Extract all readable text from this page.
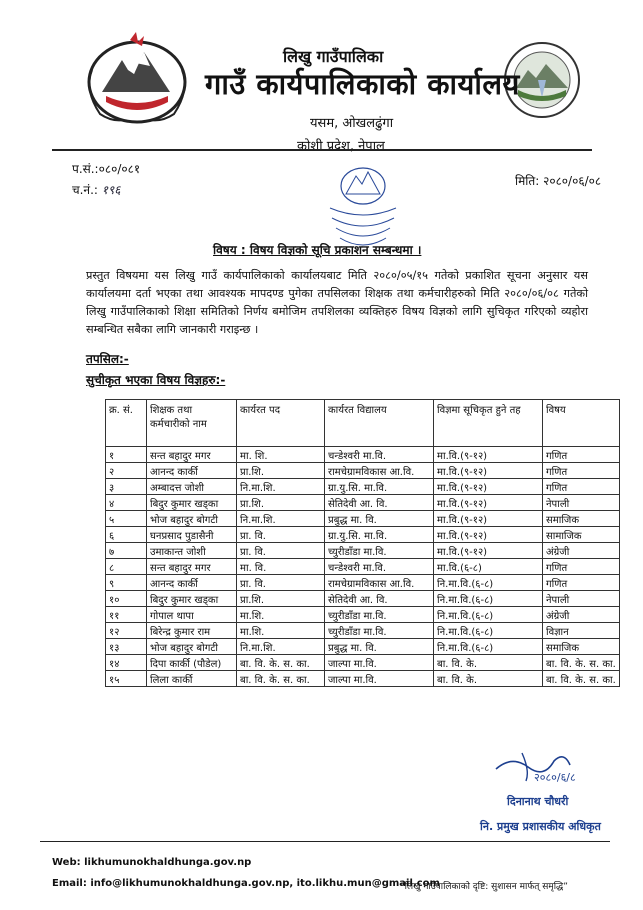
लिखु गाउँपालिका
गाउँ कार्यपालिकाको कार्यालय
यसम, ओखलढुंगा
कोशी प्रदेश, नेपाल
प.सं.:०८०/०८१
च.नं.: १९६
मिति: २०८०/०६/०८
विषय : विषय विज्ञको सूचि प्रकाशन सम्बन्धमा ।
प्रस्तुत विषयमा यस लिखु गाउँ कार्यपालिकाको कार्यालयबाट मिति २०८०/०५/१५ गतेको प्रकाशित सूचना अनुसार यस कार्यालयमा दर्ता भएका तथा आवश्यक मापदण्ड पुगेका तपसिलका शिक्षक तथा कर्मचारीहरुको मिति २०८०/०६/०८ गतेको लिखु गाउँपालिकाको शिक्षा समितिको निर्णय बमोजिम तपशिलका व्यक्तिहरु विषय विज्ञको लागि सुचिकृत गरिएको व्यहोरा सम्बन्धित सबैका लागि जानकारी गराइन्छ ।
तपसिल:-
सुचीकृत भएका विषय विज्ञहरु:-
क्र. सं.	शिक्षक तथा कर्मचारीको नाम	कार्यरत पद	कार्यरत विद्यालय	विज्ञमा सूचिकृत हुने तह	विषय
१	सन्त बहादुर मगर	मा. शि.	चन्डेश्वरी मा.वि.	मा.वि.(९-१२)	गणित
२	आनन्द कार्की	प्रा.शि.	रामचेग्रामविकास आ.वि.	मा.वि.(९-१२)	गणित
३	अम्बादत्त जोशी	नि.मा.शि.	ग्रा.यु.सि. मा.वि.	मा.वि.(९-१२)	गणित
४	बिदुर कुमार खड्का	प्रा.शि.	सेतिदेवी आ. वि.	मा.वि.(९-१२)	नेपाली
५	भोज बहादुर बोगटी	नि.मा.शि.	प्रबुद्ध मा. वि.	मा.वि.(९-१२)	समाजिक
६	घनप्रसाद पुडासैनी	प्रा. वि.	ग्रा.यु.सि. मा.वि.	मा.वि.(९-१२)	सामाजिक
७	उमाकान्त जोशी	प्रा. वि.	च्युरीडाँडा मा.वि.	मा.वि.(९-१२)	अंग्रेजी
८	सन्त बहादुर मगर	मा. वि.	चन्डेश्वरी मा.वि.	मा.वि.(६-८)	गणित
९	आनन्द कार्की	प्रा. वि.	रामचेग्रामविकास आ.वि.	नि.मा.वि.(६-८)	गणित
१०	बिदुर कुमार खड्का	प्रा.शि.	सेतिदेवी आ. वि.	नि.मा.वि.(६-८)	नेपाली
११	गोपाल थापा	मा.शि.	च्युरीडाँडा मा.वि.	नि.मा.वि.(६-८)	अंग्रेजी
१२	बिरेन्द्र कुमार राम	मा.शि.	च्युरीडाँडा मा.वि.	नि.मा.वि.(६-८)	विज्ञान
१३	भोज बहादुर बोगटी	नि.मा.शि.	प्रबुद्ध मा. वि.	नि.मा.वि.(६-८)	समाजिक
१४	दिपा कार्की (पौडेल)	बा. वि. के. स. का.	जाल्पा मा.वि.	बा. वि. के.	बा. वि. के. स. का.
१५	लिला कार्की	बा. वि. के. स. का.	जाल्पा मा.वि.	बा. वि. के.	बा. वि. के. स. का.
२०८०/६/८
दिनानाथ चौधरी
नि. प्रमुख प्रशासकीय अधिकृत
Web: likhumunokhaldhunga.gov.np
Email: info@likhumunokhaldhunga.gov.np, ito.likhu.mun@gmail.com
“लिखु गाउँपालिकाको दृष्टि: सुशासन मार्फत् समृद्धि”
